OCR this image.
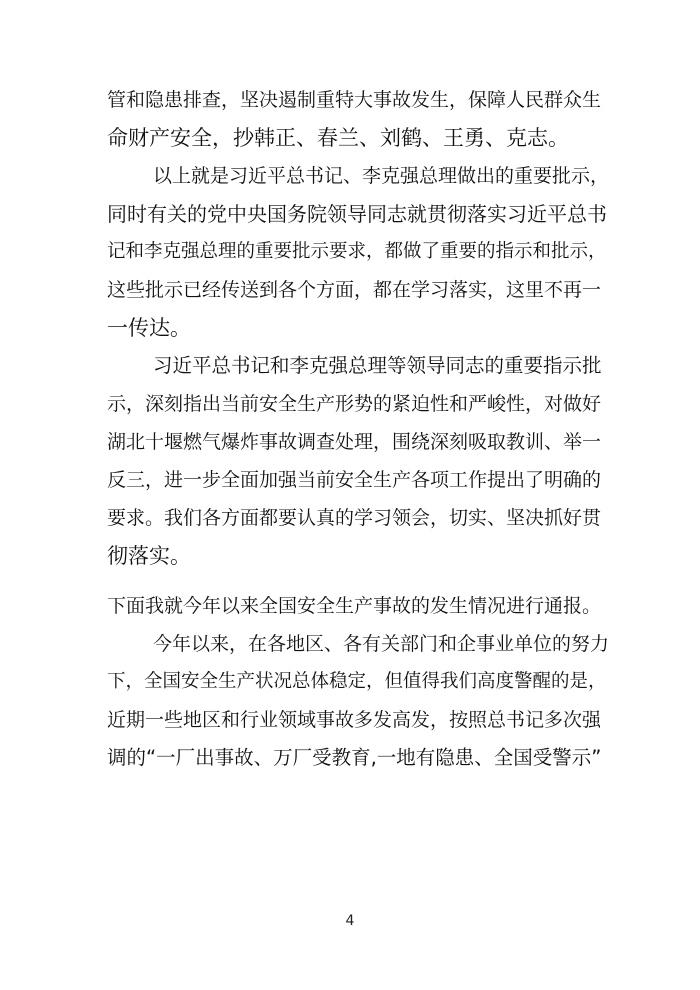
管和隐患排查，坚决遏制重特大事故发生，保障人民群众生
命财产安全，抄韩正、春兰、刘鹤、王勇、克志。
以上就是习近平总书记、李克强总理做出的重要批示，
同时有关的党中央国务院领导同志就贯彻落实习近平总书
记和李克强总理的重要批示要求，都做了重要的指示和批示，
这些批示已经传送到各个方面，都在学习落实，这里不再一
一传达。
习近平总书记和李克强总理等领导同志的重要指示批
示，深刻指出当前安全生产形势的紧迫性和严峻性，对做好
湖北十堰燃气爆炸事故调查处理，围绕深刻吸取教训、举一
反三，进一步全面加强当前安全生产各项工作提出了明确的
要求。我们各方面都要认真的学习领会，切实、坚决抓好贯
彻落实。
下面我就今年以来全国安全生产事故的发生情况进行通报。
今年以来，在各地区、各有关部门和企事业单位的努力
下，全国安全生产状况总体稳定，但值得我们高度警醒的是，
近期一些地区和行业领域事故多发高发，按照总书记多次强
调的“一厂出事故、万厂受教育,一地有隐患、全国受警示”
4
